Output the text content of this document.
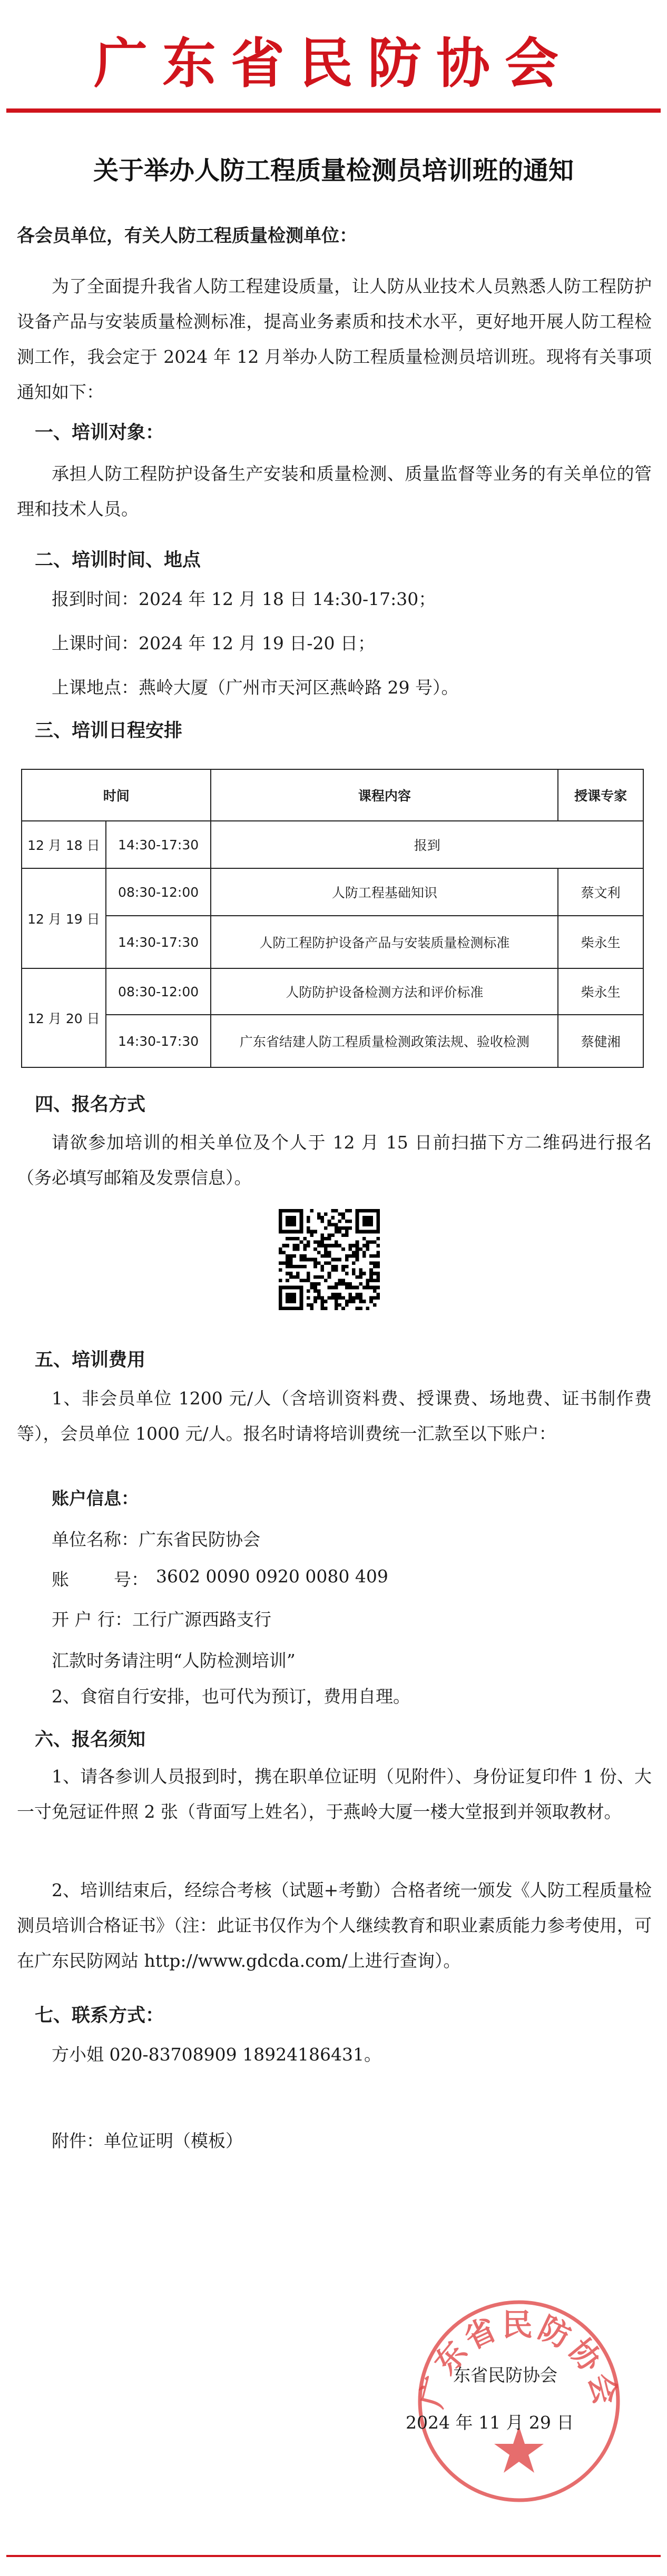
广东省民防协会
关于举办人防工程质量检测员培训班的通知
各会员单位，有关人防工程质量检测单位：

为了全面提升我省人防工程建设质量，让人防从业技术人员熟悉人防工程防护设备产品与安装质量检测标准，提高业务素质和技术水平，更好地开展人防工程检测工作，我会定于 2024 年 12 月举办人防工程质量检测员培训班。现将有关事项通知如下：

一、培训对象：

承担人防工程防护设备生产安装和质量检测、质量监督等业务的有关单位的管理和技术人员。

二、培训时间、地点
报到时间：2024 年 12 月 18 日 14:30-17:30；
上课时间：2024 年 12 月 19 日-20 日；
上课地点：燕岭大厦（广州市天河区燕岭路 29 号）。
三、培训日程安排
时间		课程内容	授课专家
12 月 18 日	14:30-17:30	报到	
12 月 19 日	08:30-12:00	人防工程基础知识	蔡文利
	14:30-17:30	人防工程防护设备产品与安装质量检测标准	柴永生
12 月 20 日	08:30-12:00	人防防护设备检测方法和评价标准	柴永生
	14:30-17:30	广东省结建人防工程质量检测政策法规、验收检测	蔡健湘
四、报名方式

请欲参加培训的相关单位及个人于 12 月 15 日前扫描下方二维码进行报名（务必填写邮箱及发票信息）。

五、培训费用

1、非会员单位 1200 元/人（含培训资料费、授课费、场地费、证书制作费等），会员单位 1000 元/人。报名时请将培训费统一汇款至以下账户：

账户信息：
单位名称：广东省民防协会
账	号： 3602 0090 0920 0080 409
开 户 行：工行广源西路支行
汇款时务请注明“人防检测培训”
2、食宿自行安排，也可代为预订，费用自理。
六、报名须知

1、请各参训人员报到时，携在职单位证明（见附件）、身份证复印件 1 份、大一寸免冠证件照 2 张（背面写上姓名），于燕岭大厦一楼大堂报到并领取教材。

2、培训结束后，经综合考核（试题+考勤）合格者统一颁发《人防工程质量检测员培训合格证书》（注：此证书仅作为个人继续教育和职业素质能力参考使用，可在广东民防网站 http://www.gdcda.com/上进行查询）。

七、联系方式：
方小姐 020-83708909 18924186431。
附件：单位证明（模板）
广东省民防协会
东省民防协会
2024 年 11 月 29 日
